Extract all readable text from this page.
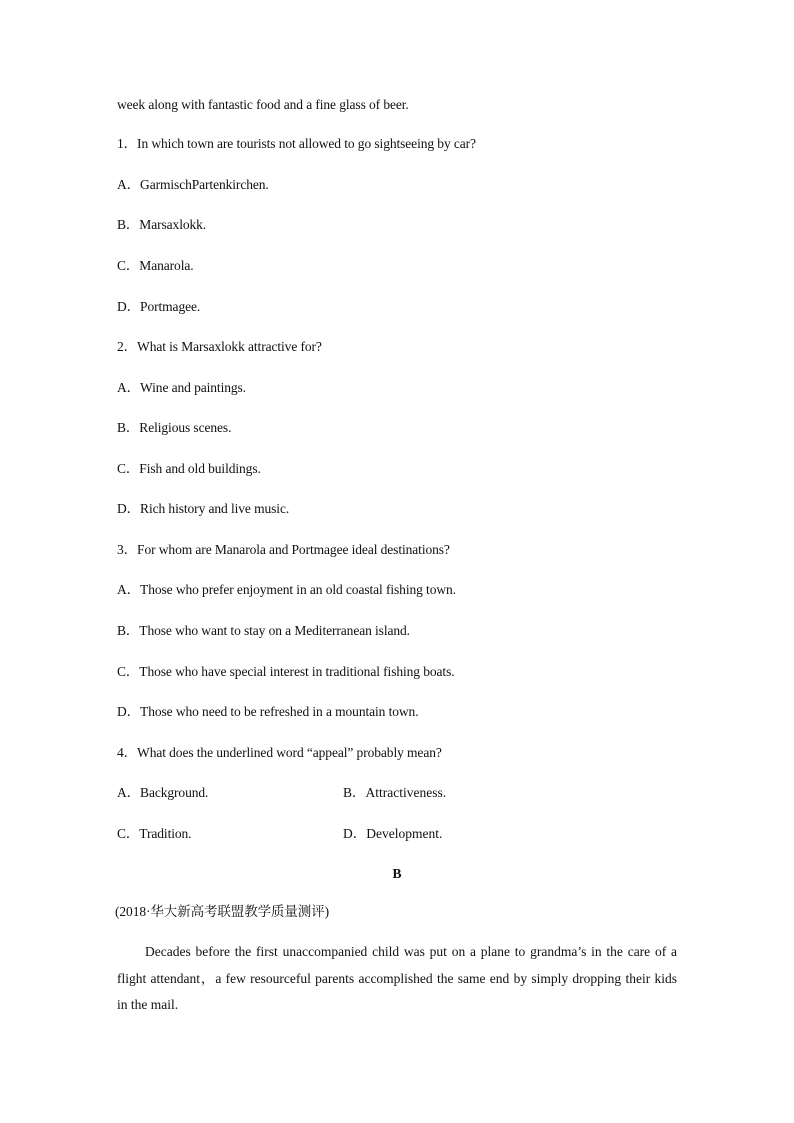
week along with fantastic food and a fine glass of beer.
1．In which town are tourists not allowed to go sightseeing by car?
A．GarmischPartenkirchen.
B．Marsaxlokk.
C．Manarola.
D．Portmagee.
2．What is Marsaxlokk attractive for?
A．Wine and paintings.
B．Religious scenes.
C．Fish and old buildings.
D．Rich history and live music.
3．For whom are Manarola and Portmagee ideal destinations?
A．Those who prefer enjoyment in an old coastal fishing town.
B．Those who want to stay on a Mediterranean island.
C．Those who have special interest in traditional fishing boats.
D．Those who need to be refreshed in a mountain town.
4．What does the underlined word “appeal” probably mean?
A．Background.	B．Attractiveness.
C．Tradition.	D．Development.
B
(2018·华大新高考联盟教学质量测评)
Decades before the first unaccompanied child was put on a plane to grandma’s in the care of a flight attendant，a few resourceful parents accomplished the same end by simply dropping their kids in the mail.
